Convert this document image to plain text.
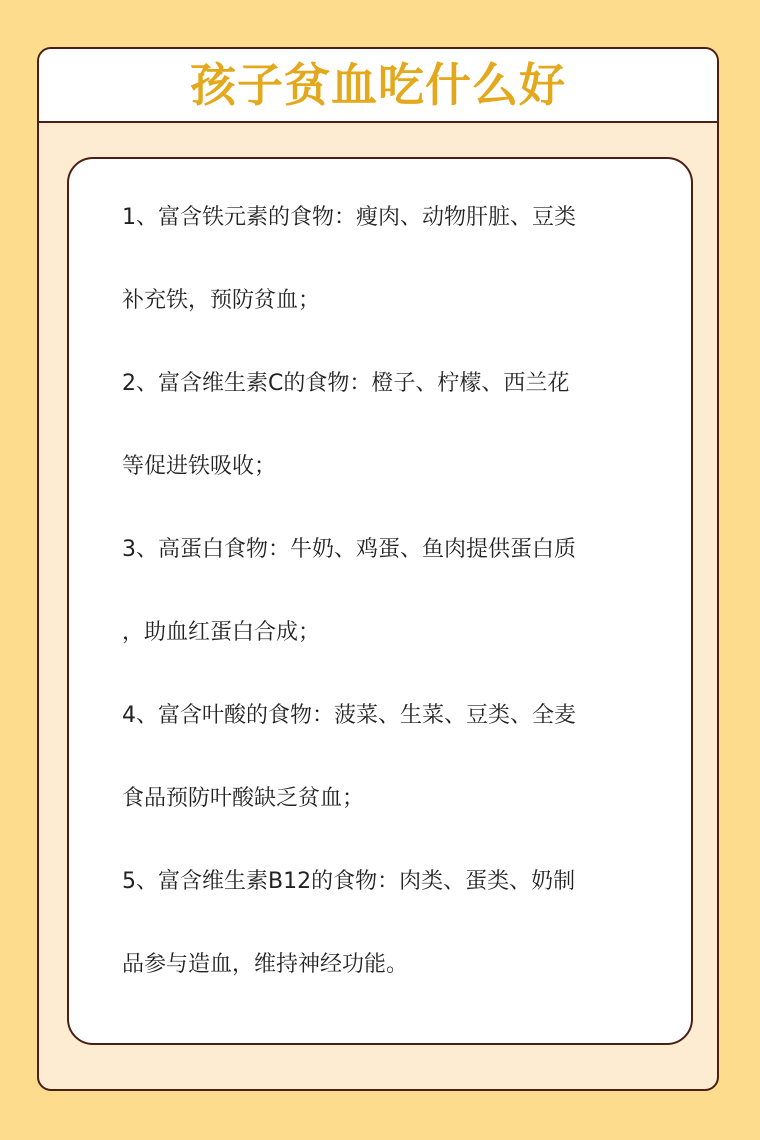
孩子贫血吃什么好
1、富含铁元素的食物：瘦肉、动物肝脏、豆类
补充铁，预防贫血；
2、富含维生素C的食物：橙子、柠檬、西兰花
等促进铁吸收；
3、高蛋白食物：牛奶、鸡蛋、鱼肉提供蛋白质
，助血红蛋白合成；
4、富含叶酸的食物：菠菜、生菜、豆类、全麦
食品预防叶酸缺乏贫血；
5、富含维生素B12的食物：肉类、蛋类、奶制
品参与造血，维持神经功能。
